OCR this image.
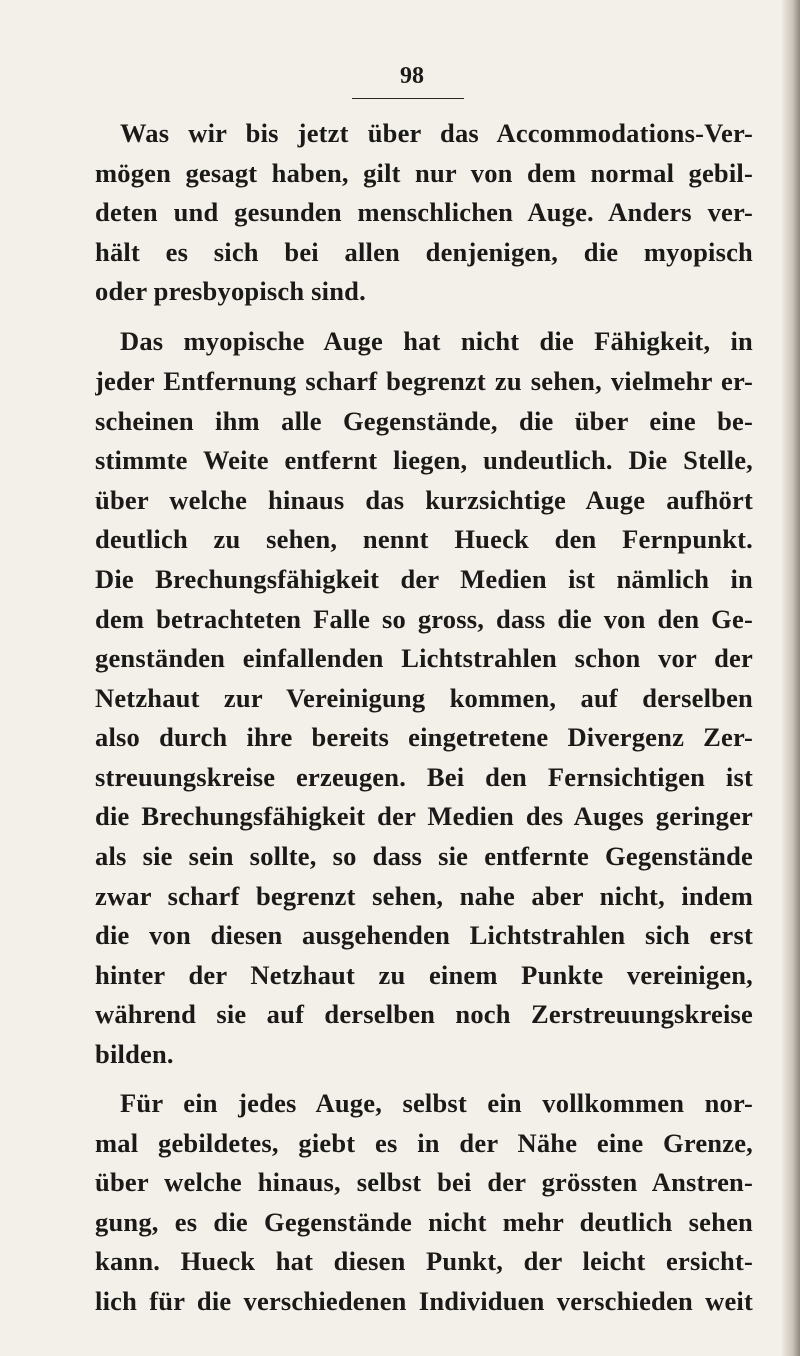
98
Was wir bis jetzt über das Accommodations-Ver-
mögen gesagt haben, gilt nur von dem normal gebil-
deten und gesunden menschlichen Auge. Anders ver-
hält es sich bei allen denjenigen, die myopisch
oder presbyopisch sind.
Das myopische Auge hat nicht die Fähigkeit, in
jeder Entfernung scharf begrenzt zu sehen, vielmehr er-
scheinen ihm alle Gegenstände, die über eine be-
stimmte Weite entfernt liegen, undeutlich. Die Stelle,
über welche hinaus das kurzsichtige Auge aufhört
deutlich zu sehen, nennt Hueck den Fernpunkt.
Die Brechungsfähigkeit der Medien ist nämlich in
dem betrachteten Falle so gross, dass die von den Ge-
genständen einfallenden Lichtstrahlen schon vor der
Netzhaut zur Vereinigung kommen, auf derselben
also durch ihre bereits eingetretene Divergenz Zer-
streuungskreise erzeugen. Bei den Fernsichtigen ist
die Brechungsfähigkeit der Medien des Auges geringer
als sie sein sollte, so dass sie entfernte Gegenstände
zwar scharf begrenzt sehen, nahe aber nicht, indem
die von diesen ausgehenden Lichtstrahlen sich erst
hinter der Netzhaut zu einem Punkte vereinigen,
während sie auf derselben noch Zerstreuungskreise
bilden.
Für ein jedes Auge, selbst ein vollkommen nor-
mal gebildetes, giebt es in der Nähe eine Grenze,
über welche hinaus, selbst bei der grössten Anstren-
gung, es die Gegenstände nicht mehr deutlich sehen
kann. Hueck hat diesen Punkt, der leicht ersicht-
lich für die verschiedenen Individuen verschieden weit
